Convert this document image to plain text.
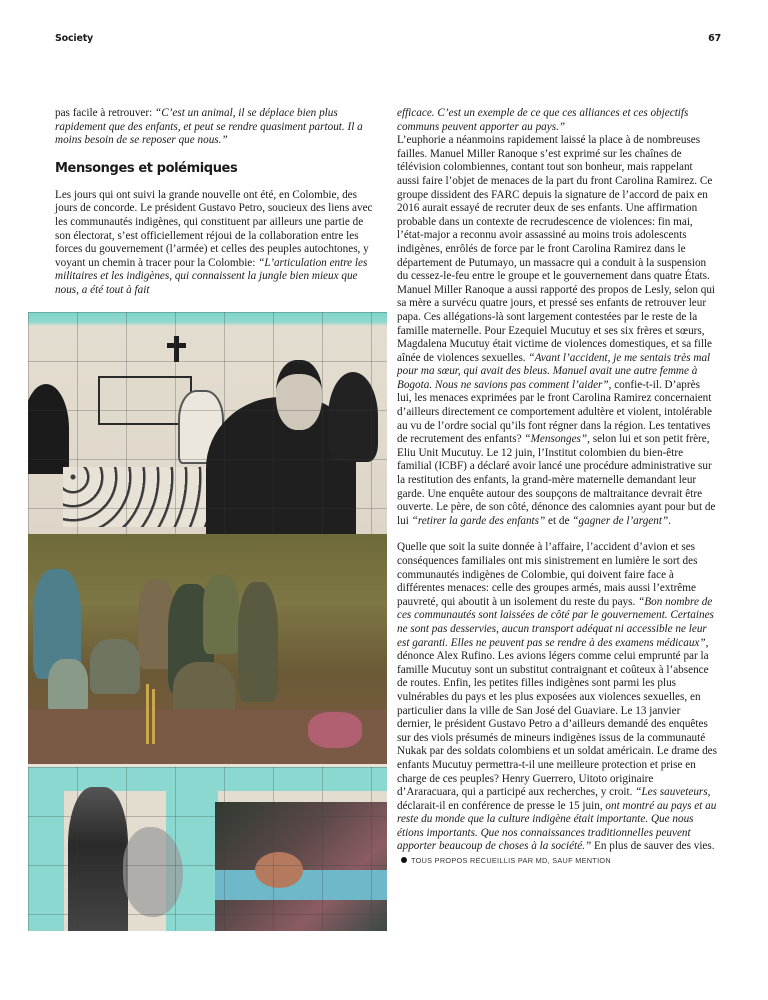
Society	67

pas facile à retrouver: “C’est un animal, il se déplace bien plus rapidement que des enfants, et peut se rendre quasiment partout. Il a moins besoin de se reposer que nous.”

Mensonges et polémiques

Les jours qui ont suivi la grande nouvelle ont été, en Colombie, des jours de concorde. Le président Gustavo Petro, soucieux des liens avec les communautés indigènes, qui constituent par ailleurs une partie de son électorat, s’est officiellement réjoui de la collaboration entre les forces du gouvernement (l’armée) et celles des peuples autochtones, y voyant un chemin à tracer pour la Colombie: “L’articulation entre les militaires et les indigènes, qui connaissent la jungle bien mieux que nous, a été tout à fait

efficace. C’est un exemple de ce que ces alliances et ces objectifs communs peuvent apporter au pays.”

L’euphorie a néanmoins rapidement laissé la place à de nombreuses failles. Manuel Miller Ranoque s’est exprimé sur les chaînes de télévision colombiennes, contant tout son bonheur, mais rappelant aussi faire l’objet de menaces de la part du front Carolina Ramirez. Ce groupe dissident des FARC depuis la signature de l’accord de paix en 2016 aurait essayé de recruter deux de ses enfants. Une affirmation probable dans un contexte de recrudescence de violences: fin mai, l’état-major a reconnu avoir assassiné au moins trois adolescents indigènes, enrôlés de force par le front Carolina Ramirez dans le département de Putumayo, un massacre qui a conduit à la suspension du cessez-le-feu entre le groupe et le gouvernement dans quatre États. Manuel Miller Ranoque a aussi rapporté des propos de Lesly, selon qui sa mère a survécu quatre jours, et pressé ses enfants de retrouver leur papa. Ces allégations-là sont largement contestées par le reste de la famille maternelle. Pour Ezequiel Mucutuy et ses six frères et sœurs, Magdalena Mucutuy était victime de violences domestiques, et sa fille aînée de violences sexuelles. “Avant l’accident, je me sentais très mal pour ma sœur, qui avait des bleus. Manuel avait une autre femme à Bogota. Nous ne savions pas comment l’aider”, confie-t-il. D’après lui, les menaces exprimées par le front Carolina Ramirez concernaient d’ailleurs directement ce comportement adultère et violent, intolérable au vu de l’ordre social qu’ils font régner dans la région. Les tentatives de recrutement des enfants? “Mensonges”, selon lui et son petit frère, Eliu Unit Mucutuy. Le 12 juin, l’Institut colombien du bien-être familial (ICBF) a déclaré avoir lancé une procédure administrative sur la restitution des enfants, la grand-mère maternelle demandant leur garde. Une enquête autour des soupçons de maltraitance devrait être ouverte. Le père, de son côté, dénonce des calomnies ayant pour but de lui “retirer la garde des enfants” et de “gagner de l’argent”.

Quelle que soit la suite donnée à l’affaire, l’accident d’avion et ses conséquences familiales ont mis sinistrement en lumière le sort des communautés indigènes de Colombie, qui doivent faire face à différentes menaces: celle des groupes armés, mais aussi l’extrême pauvreté, qui aboutit à un isolement du reste du pays. “Bon nombre de ces communautés sont laissées de côté par le gouvernement. Certaines ne sont pas desservies, aucun transport adéquat ni accessible ne leur est garanti. Elles ne peuvent pas se rendre à des examens médicaux”, dénonce Alex Rufino. Les avions légers comme celui emprunté par la famille Mucutuy sont un substitut contraignant et coûteux à l’absence de routes. Enfin, les petites filles indigènes sont parmi les plus vulnérables du pays et les plus exposées aux violences sexuelles, en particulier dans la ville de San José del Guaviare. Le 13 janvier dernier, le président Gustavo Petro a d’ailleurs demandé des enquêtes sur des viols présumés de mineurs indigènes issus de la communauté Nukak par des soldats colombiens et un soldat américain. Le drame des enfants Mucutuy permettra-t-il une meilleure protection et prise en charge de ces peuples? Henry Guerrero, Uitoto originaire d’Araracuara, qui a participé aux recherches, y croit. “Les sauveteurs, déclarait-il en conférence de presse le 15 juin, ont montré au pays et au reste du monde que la culture indigène était importante. Que nous étions importants. Que nos connaissances traditionnelles peuvent apporter beaucoup de choses à la société.” En plus de sauver des vies.TOUS PROPOS RECUEILLIS PAR MD, SAUF MENTION
